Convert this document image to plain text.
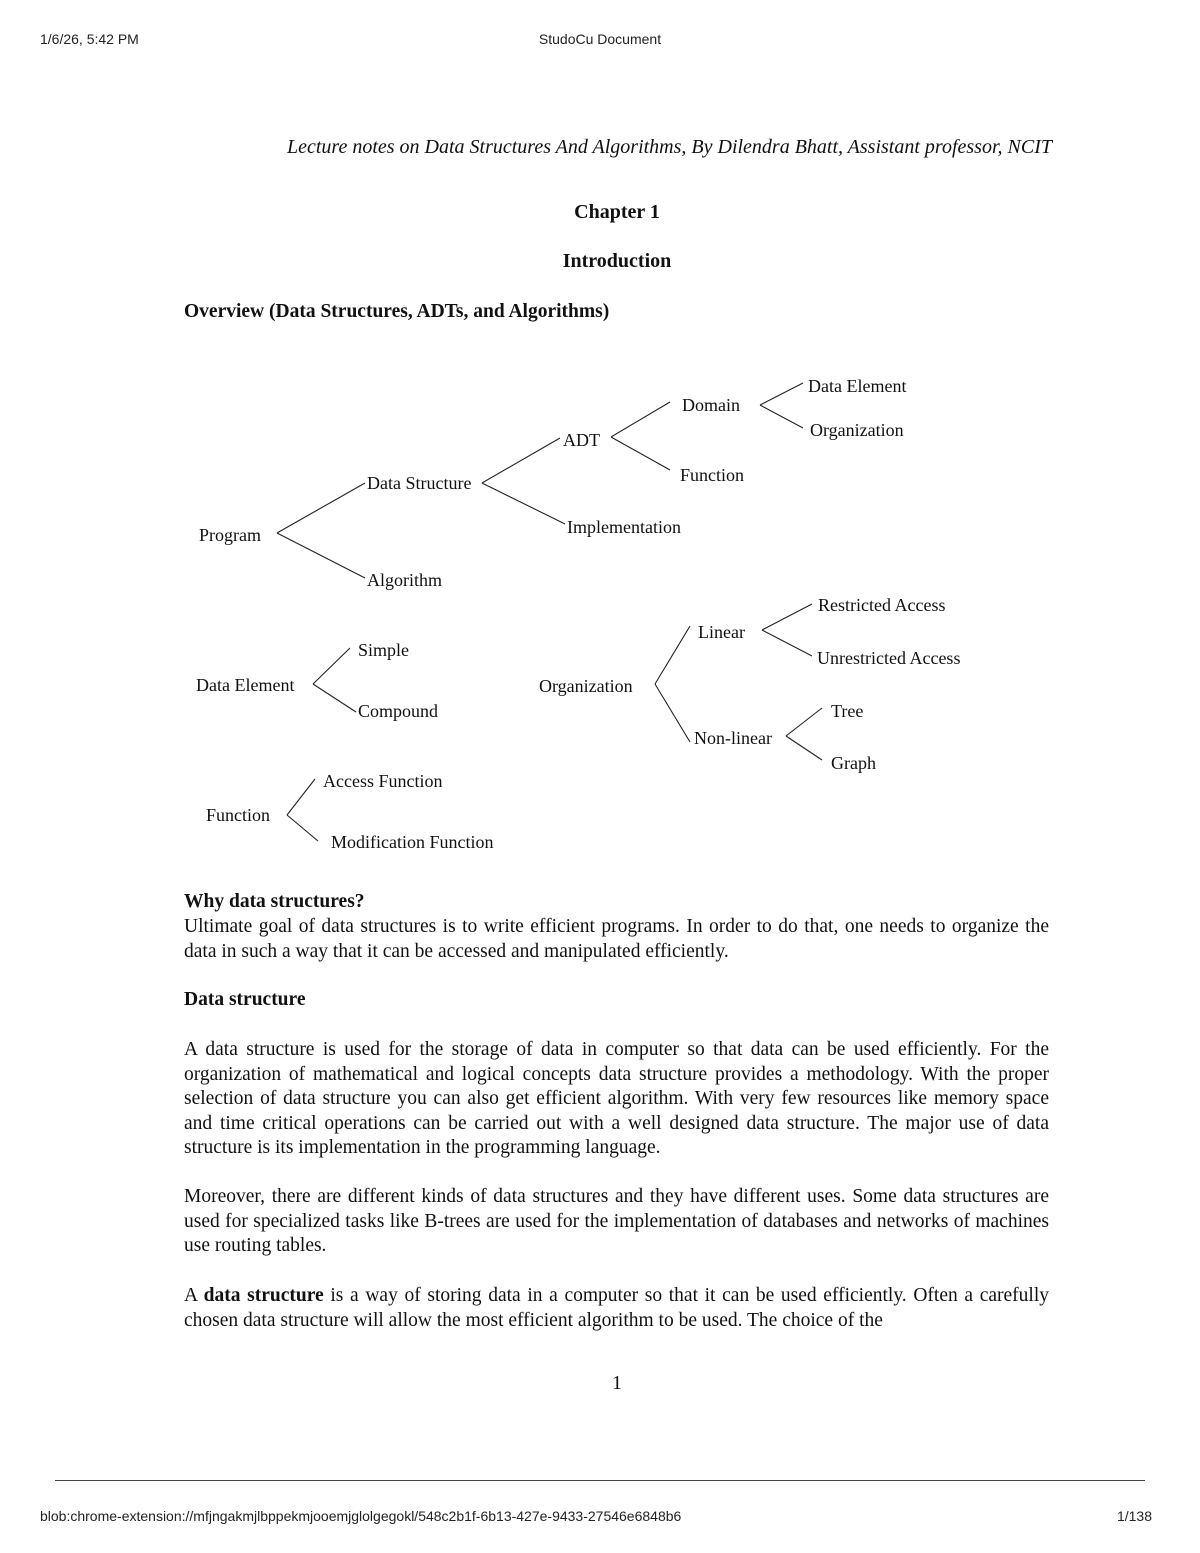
1/6/26, 5:42 PM	StudoCu Document
Lecture notes on Data Structures And Algorithms, By Dilendra Bhatt, Assistant professor, NCIT
Chapter 1
Introduction
Overview (Data Structures, ADTs, and Algorithms)
Program
Data Structure
Algorithm
ADT
Implementation
Domain
Function
Data Element
Organization
Data Element
Simple
Compound
Organization
Linear
Non-linear
Restricted Access
Unrestricted Access
Tree
Graph
Function
Access Function
Modification Function
Why data structures?

Ultimate goal of data structures is to write efficient programs. In order to do that, one needs to organize the data in such a way that it can be accessed and manipulated efficiently.

Data structure

A data structure is used for the storage of data in computer so that data can be used efficiently. For the organization of mathematical and logical concepts data structure provides a methodology. With the proper selection of data structure you can also get efficient algorithm. With very few resources like memory space and time critical operations can be carried out with a well designed data structure. The major use of data structure is its implementation in the programming language.

Moreover, there are different kinds of data structures and they have different uses. Some data structures are used for specialized tasks like B-trees are used for the implementation of databases and networks of machines use routing tables.

A data structure is a way of storing data in a computer so that it can be used efficiently. Often a carefully chosen data structure will allow the most efficient algorithm to be used. The choice of the

1
blob:chrome-extension://mfjngakmjlbppekmjooemjglolgegokl/548c2b1f-6b13-427e-9433-27546e6848b6	1/138
